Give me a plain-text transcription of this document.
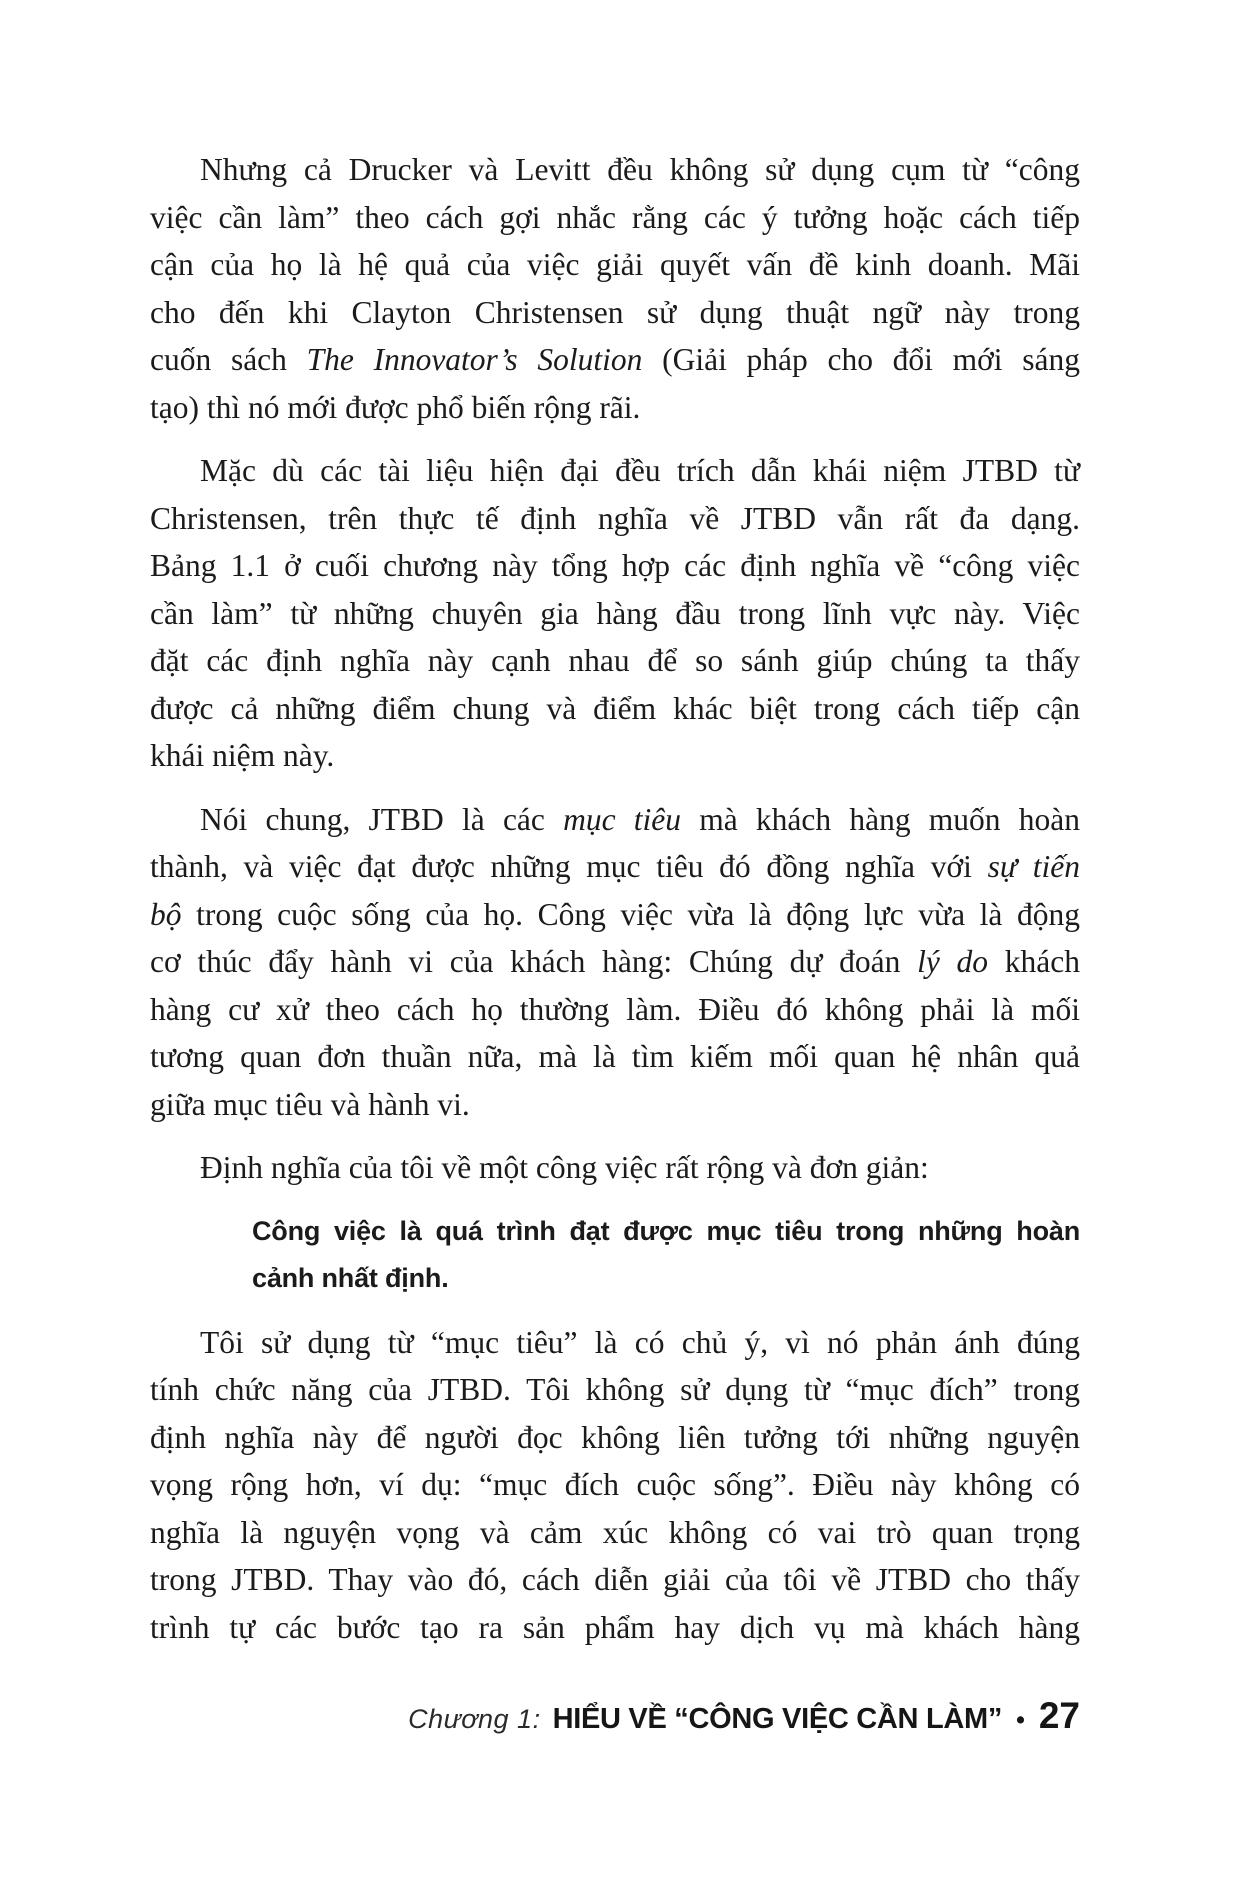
Nhưng cả Drucker và Levitt đều không sử dụng cụm từ “công
việc cần làm” theo cách gợi nhắc rằng các ý tưởng hoặc cách tiếp
cận của họ là hệ quả của việc giải quyết vấn đề kinh doanh. Mãi
cho đến khi Clayton Christensen sử dụng thuật ngữ này trong
cuốn sách The Innovator’s Solution (Giải pháp cho đổi mới sáng
tạo) thì nó mới được phổ biến rộng rãi.
Mặc dù các tài liệu hiện đại đều trích dẫn khái niệm JTBD từ
Christensen, trên thực tế định nghĩa về JTBD vẫn rất đa dạng.
Bảng 1.1 ở cuối chương này tổng hợp các định nghĩa về “công việc
cần làm” từ những chuyên gia hàng đầu trong lĩnh vực này. Việc
đặt các định nghĩa này cạnh nhau để so sánh giúp chúng ta thấy
được cả những điểm chung và điểm khác biệt trong cách tiếp cận
khái niệm này.
Nói chung, JTBD là các mục tiêu mà khách hàng muốn hoàn
thành, và việc đạt được những mục tiêu đó đồng nghĩa với sự tiến
bộ trong cuộc sống của họ. Công việc vừa là động lực vừa là động
cơ thúc đẩy hành vi của khách hàng: Chúng dự đoán lý do khách
hàng cư xử theo cách họ thường làm. Điều đó không phải là mối
tương quan đơn thuần nữa, mà là tìm kiếm mối quan hệ nhân quả
giữa mục tiêu và hành vi.
Định nghĩa của tôi về một công việc rất rộng và đơn giản:
Công việc là quá trình đạt được mục tiêu trong những hoàn
cảnh nhất định.
Tôi sử dụng từ “mục tiêu” là có chủ ý, vì nó phản ánh đúng
tính chức năng của JTBD. Tôi không sử dụng từ “mục đích” trong
định nghĩa này để người đọc không liên tưởng tới những nguyện
vọng rộng hơn, ví dụ: “mục đích cuộc sống”. Điều này không có
nghĩa là nguyện vọng và cảm xúc không có vai trò quan trọng
trong JTBD. Thay vào đó, cách diễn giải của tôi về JTBD cho thấy
trình tự các bước tạo ra sản phẩm hay dịch vụ mà khách hàng
Chương 1: HIỂU VỀ “CÔNG VIỆC CẦN LÀM” • 27
